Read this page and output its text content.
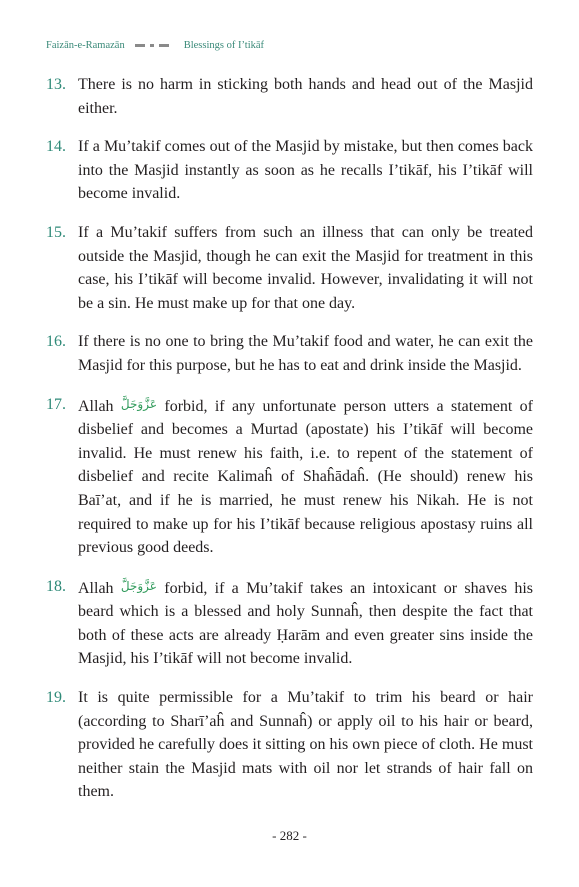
Faizān-e-Ramazān	Blessings of I’tikāf
13. There is no harm in sticking both hands and head out of the Masjid either.
14. If a Mu’takif comes out of the Masjid by mistake, but then comes back into the Masjid instantly as soon as he recalls I’tikāf, his I’tikāf will become invalid.
15. If a Mu’takif suffers from such an illness that can only be treated outside the Masjid, though he can exit the Masjid for treatment in this case, his I’tikāf will become invalid. However, invalidating it will not be a sin. He must make up for that one day.
16. If there is no one to bring the Mu’takif food and water, he can exit the Masjid for this purpose, but he has to eat and drink inside the Masjid.
17. Allah عَزَّوَجَلَّ forbid, if any unfortunate person utters a statement of disbelief and becomes a Murtad (apostate) his I’tikāf will become invalid. He must renew his faith, i.e. to repent of the statement of disbelief and recite Kalimaĥ of Shaĥādaĥ. (He should) renew his Baī’at, and if he is married, he must renew his Nikah. He is not required to make up for his I’tikāf because religious apostasy ruins all previous good deeds.
18. Allah عَزَّوَجَلَّ forbid, if a Mu’takif takes an intoxicant or shaves his beard which is a blessed and holy Sunnaĥ, then despite the fact that both of these acts are already Ḥarām and even greater sins inside the Masjid, his I’tikāf will not become invalid.
19. It is quite permissible for a Mu’takif to trim his beard or hair (according to Sharī’aĥ and Sunnaĥ) or apply oil to his hair or beard, provided he carefully does it sitting on his own piece of cloth. He must neither stain the Masjid mats with oil nor let strands of hair fall on them.
- 282 -
